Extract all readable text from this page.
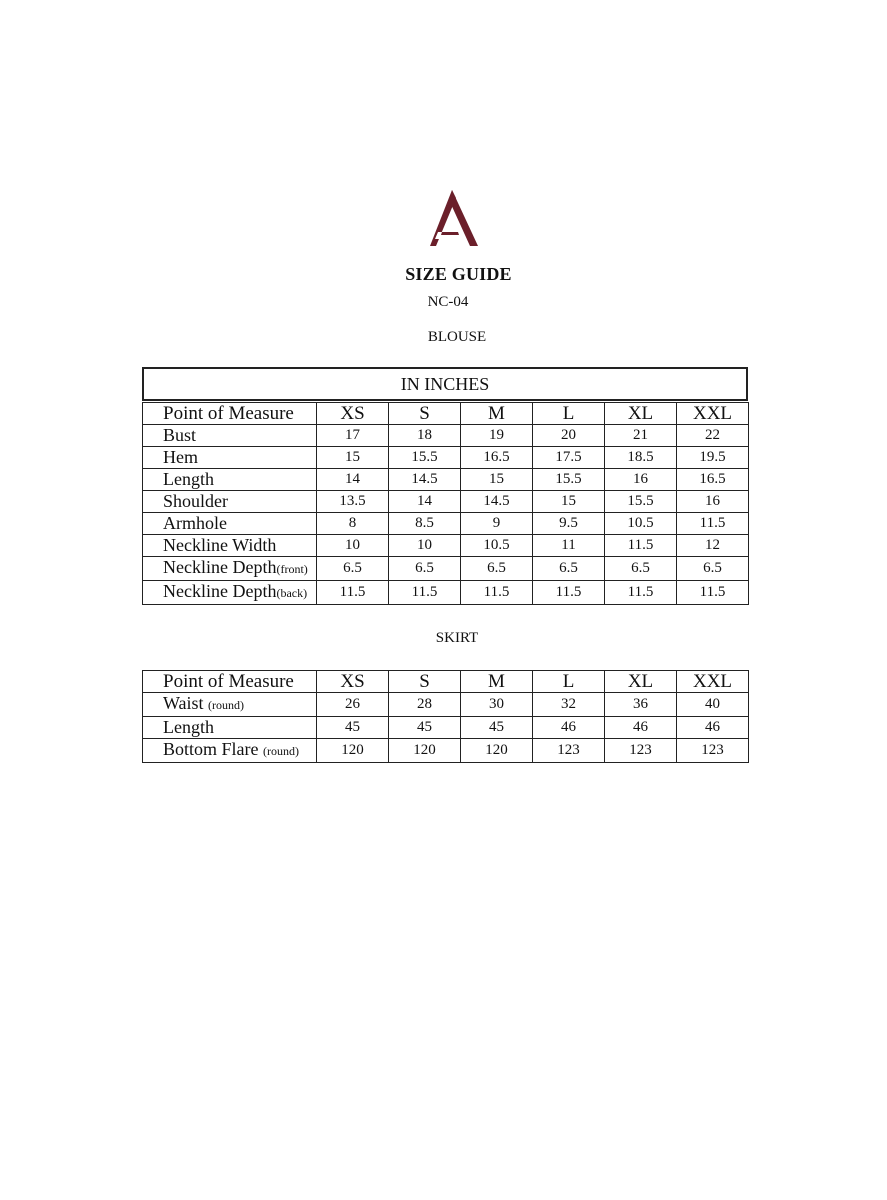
SIZE GUIDE
NC-04
BLOUSE
IN INCHES
Point of Measure	XS	S	M	L	XL	XXL
Bust	17	18	19	20	21	22
Hem	15	15.5	16.5	17.5	18.5	19.5
Length	14	14.5	15	15.5	16	16.5
Shoulder	13.5	14	14.5	15	15.5	16
Armhole	8	8.5	9	9.5	10.5	11.5
Neckline Width	10	10	10.5	11	11.5	12
Neckline Depth(front)	6.5	6.5	6.5	6.5	6.5	6.5
Neckline Depth(back)	11.5	11.5	11.5	11.5	11.5	11.5
SKIRT
Point of Measure	XS	S	M	L	XL	XXL
Waist (round)	26	28	30	32	36	40
Length	45	45	45	46	46	46
Bottom Flare (round)	120	120	120	123	123	123
